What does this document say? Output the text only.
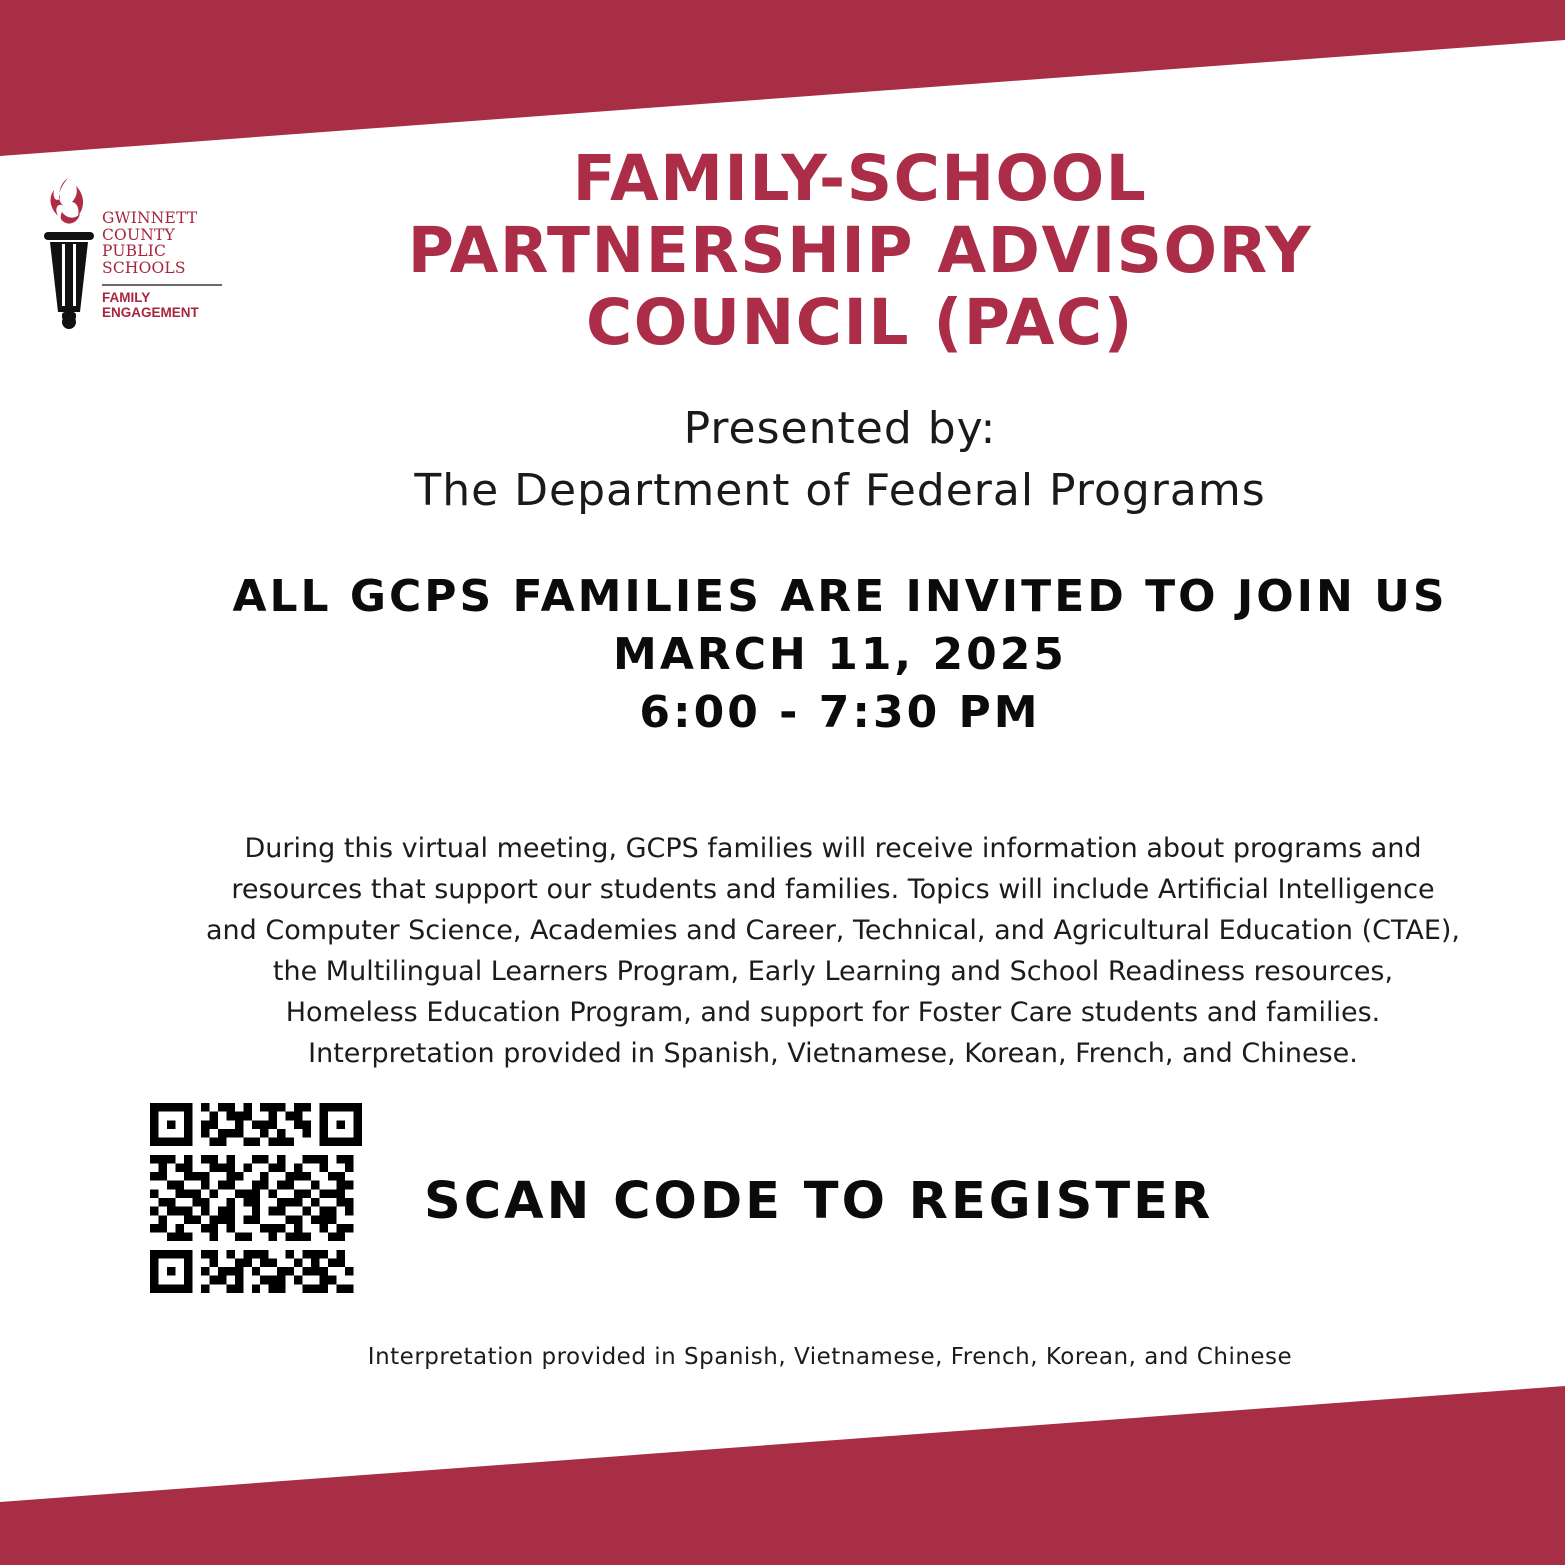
GWINNETT
COUNTY
PUBLIC
SCHOOLS
FAMILY
ENGAGEMENT
FAMILY-SCHOOL
PARTNERSHIP ADVISORY
COUNCIL (PAC)
Presented by:
The Department of Federal Programs
ALL GCPS FAMILIES ARE INVITED TO JOIN US
MARCH 11, 2025
6:00 - 7:30 PM
During this virtual meeting, GCPS families will receive information about programs and
resources that support our students and families. Topics will include Artificial Intelligence
and Computer Science, Academies and Career, Technical, and Agricultural Education (CTAE),
the Multilingual Learners Program, Early Learning and School Readiness resources,
Homeless Education Program, and support for Foster Care students and families.
Interpretation provided in Spanish, Vietnamese, Korean, French, and Chinese.
SCAN CODE TO REGISTER
Interpretation provided in Spanish, Vietnamese, French, Korean, and Chinese
